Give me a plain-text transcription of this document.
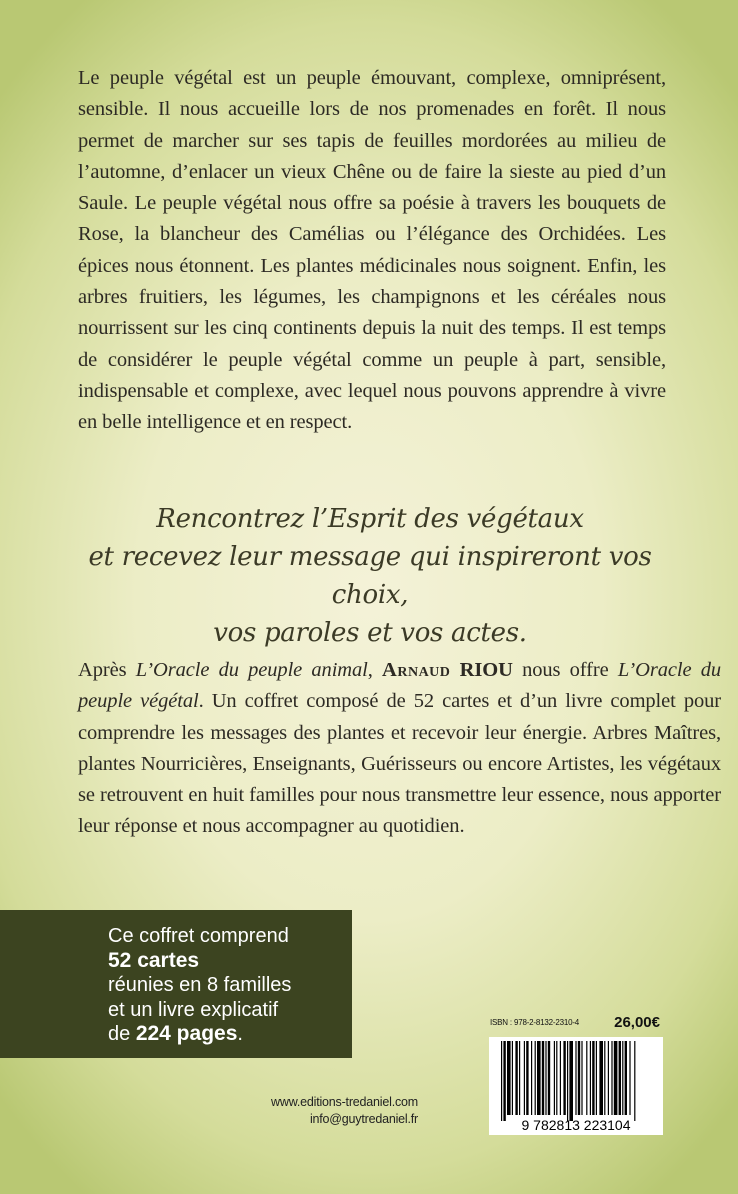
Le peuple végétal est un peuple émouvant, complexe, omniprésent, sensible. Il nous accueille lors de nos promenades en forêt. Il nous permet de marcher sur ses tapis de feuilles mordorées au milieu de l’automne, d’enlacer un vieux Chêne ou de faire la sieste au pied d’un Saule. Le peuple végétal nous offre sa poésie à travers les bouquets de Rose, la blancheur des Camélias ou l’élégance des Orchidées. Les épices nous étonnent. Les plantes médicinales nous soignent. Enfin, les arbres fruitiers, les légumes, les champignons et les céréales nous nourrissent sur les cinq continents depuis la nuit des temps. Il est temps de considérer le peuple végétal comme un peuple à part, sensible, indispensable et complexe, avec lequel nous pouvons apprendre à vivre en belle intelligence et en respect.
Rencontrez l’Esprit des végétaux
et recevez leur message qui inspireront vos choix,
vos paroles et vos actes.
Après L’Oracle du peuple animal, Arnaud RIOU nous offre L’Oracle du peuple végétal. Un coffret composé de 52 cartes et d’un livre complet pour comprendre les messages des plantes et recevoir leur énergie. Arbres Maîtres, plantes Nourricières, Enseignants, Guérisseurs ou encore Artistes, les végétaux se retrouvent en huit familles pour nous transmettre leur essence, nous apporter leur réponse et nous accompagner au quotidien.
Ce coffret comprend
52 cartes
réunies en 8 familles
et un livre explicatif
de 224 pages.
www.editions-tredaniel.com
info@guytredaniel.fr
ISBN : 978-2-8132-2310-4 26,00€
9 782813 223104
